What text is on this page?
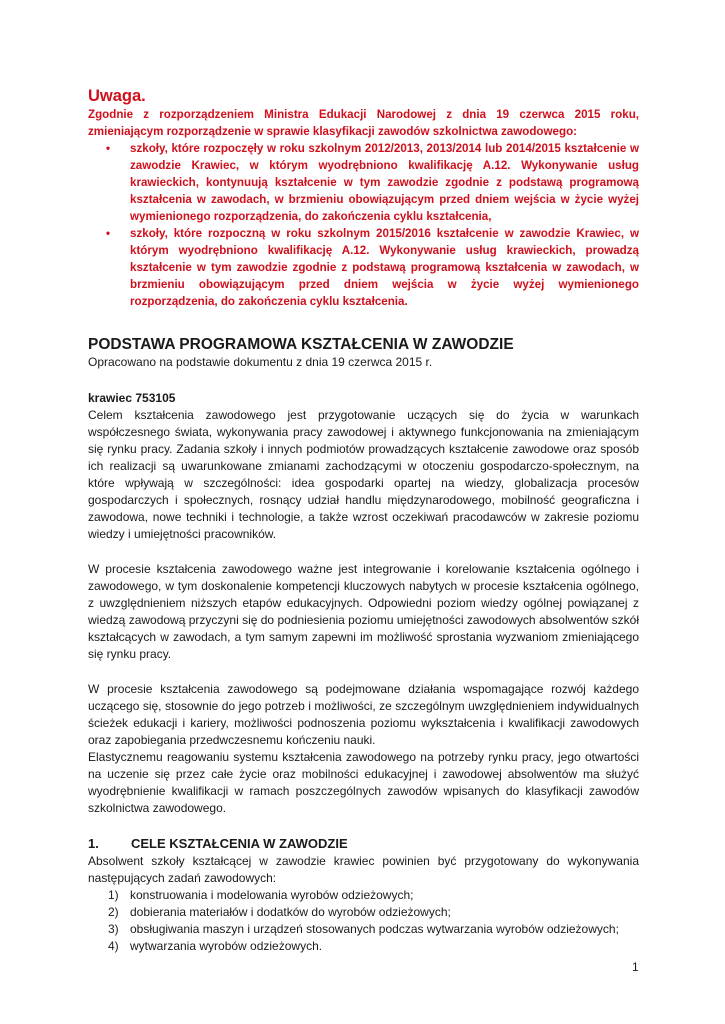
Uwaga.

Zgodnie z rozporządzeniem Ministra Edukacji Narodowej z dnia 19 czerwca 2015 roku, zmieniającym rozporządzenie w sprawie klasyfikacji zawodów szkolnictwa zawodowego:

• szkoły, które rozpoczęły w roku szkolnym 2012/2013, 2013/2014 lub 2014/2015 kształcenie w zawodzie Krawiec, w którym wyodrębniono kwalifikację A.12. Wykonywanie usług krawieckich, kontynuują kształcenie w tym zawodzie zgodnie z podstawą programową kształcenia w zawodach, w brzmieniu obowiązującym przed dniem wejścia w życie wyżej wymienionego rozporządzenia, do zakończenia cyklu kształcenia,
• szkoły, które rozpoczną w roku szkolnym 2015/2016 kształcenie w zawodzie Krawiec, w którym wyodrębniono kwalifikację A.12. Wykonywanie usług krawieckich, prowadzą kształcenie w tym zawodzie zgodnie z podstawą programową kształcenia w zawodach, w brzmieniu obowiązującym przed dniem wejścia w życie wyżej wymienionego rozporządzenia, do zakończenia cyklu kształcenia.

PODSTAWA PROGRAMOWA KSZTAŁCENIA W ZAWODZIE

Opracowano na podstawie dokumentu z dnia 19 czerwca 2015 r.

krawiec 753105

Celem kształcenia zawodowego jest przygotowanie uczących się do życia w warunkach współczesnego świata, wykonywania pracy zawodowej i aktywnego funkcjonowania na zmieniającym się rynku pracy. Zadania szkoły i innych podmiotów prowadzących kształcenie zawodowe oraz sposób ich realizacji są uwarunkowane zmianami zachodzącymi w otoczeniu gospodarczo-społecznym, na które wpływają w szczególności: idea gospodarki opartej na wiedzy, globalizacja procesów gospodarczych i społecznych, rosnący udział handlu międzynarodowego, mobilność geograficzna i zawodowa, nowe techniki i technologie, a także wzrost oczekiwań pracodawców w zakresie poziomu wiedzy i umiejętności pracowników.

W procesie kształcenia zawodowego ważne jest integrowanie i korelowanie kształcenia ogólnego i zawodowego, w tym doskonalenie kompetencji kluczowych nabytych w procesie kształcenia ogólnego, z uwzględnieniem niższych etapów edukacyjnych. Odpowiedni poziom wiedzy ogólnej powiązanej z wiedzą zawodową przyczyni się do podniesienia poziomu umiejętności zawodowych absolwentów szkół kształcących w zawodach, a tym samym zapewni im możliwość sprostania wyzwaniom zmieniającego się rynku pracy.

W procesie kształcenia zawodowego są podejmowane działania wspomagające rozwój każdego uczącego się, stosownie do jego potrzeb i możliwości, ze szczególnym uwzględnieniem indywidualnych ścieżek edukacji i kariery, możliwości podnoszenia poziomu wykształcenia i kwalifikacji zawodowych oraz zapobiegania przedwczesnemu kończeniu nauki.

Elastycznemu reagowaniu systemu kształcenia zawodowego na potrzeby rynku pracy, jego otwartości na uczenie się przez całe życie oraz mobilności edukacyjnej i zawodowej absolwentów ma służyć wyodrębnienie kwalifikacji w ramach poszczególnych zawodów wpisanych do klasyfikacji zawodów szkolnictwa zawodowego.

1. CELE KSZTAŁCENIA W ZAWODZIE

Absolwent szkoły kształcącej w zawodzie krawiec powinien być przygotowany do wykonywania następujących zadań zawodowych:

1) konstruowania i modelowania wyrobów odzieżowych;
2) dobierania materiałów i dodatków do wyrobów odzieżowych;
3) obsługiwania maszyn i urządzeń stosowanych podczas wytwarzania wyrobów odzieżowych;
4) wytwarzania wyrobów odzieżowych.
1
